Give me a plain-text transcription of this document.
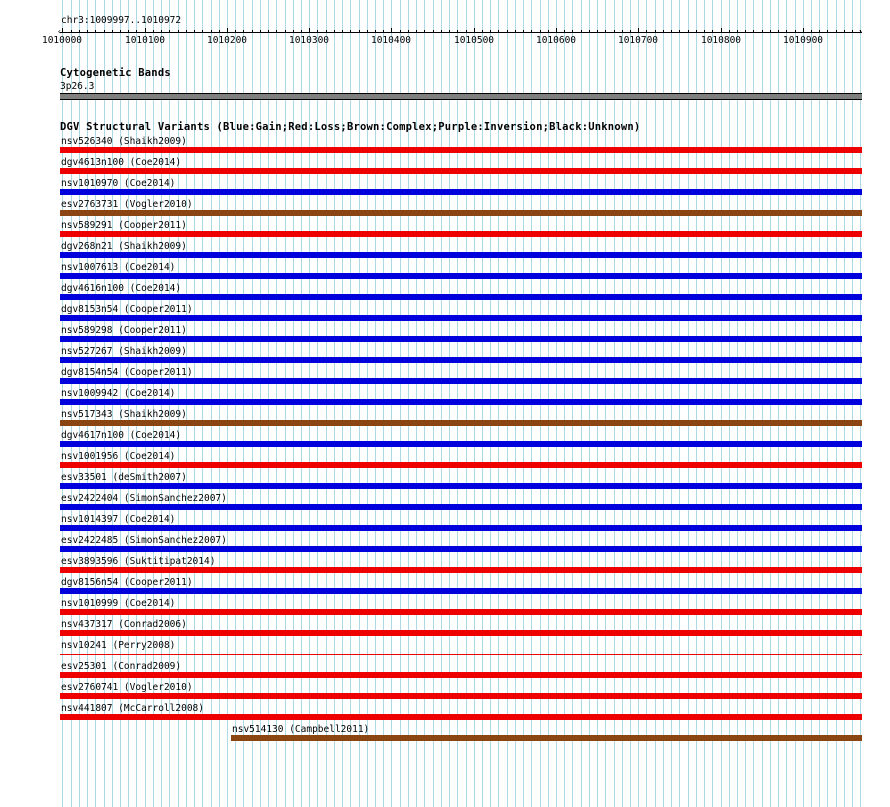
chr3:1009997..1010972
1010000	1010100	1010200	1010300	1010400	1010500	1010600	1010700	1010800	1010900
‹	›
Cytogenetic Bands
3p26.3
DGV Structural Variants (Blue:Gain;Red:Loss;Brown:Complex;Purple:Inversion;Black:Unknown)
nsv526340 (Shaikh2009)
dgv4613n100 (Coe2014)
nsv1010970 (Coe2014)
esv2763731 (Vogler2010)
nsv589291 (Cooper2011)
dgv268n21 (Shaikh2009)
nsv1007613 (Coe2014)
dgv4616n100 (Coe2014)
dgv8153n54 (Cooper2011)
nsv589298 (Cooper2011)
nsv527267 (Shaikh2009)
dgv8154n54 (Cooper2011)
nsv1009942 (Coe2014)
nsv517343 (Shaikh2009)
dgv4617n100 (Coe2014)
nsv1001956 (Coe2014)
esv33501 (deSmith2007)
esv2422404 (SimonSanchez2007)
nsv1014397 (Coe2014)
esv2422485 (SimonSanchez2007)
esv3893596 (Suktitipat2014)
dgv8156n54 (Cooper2011)
nsv1010999 (Coe2014)
nsv437317 (Conrad2006)
nsv10241 (Perry2008)
esv25301 (Conrad2009)
esv2760741 (Vogler2010)
nsv441807 (McCarroll2008)
nsv514130 (Campbell2011)
